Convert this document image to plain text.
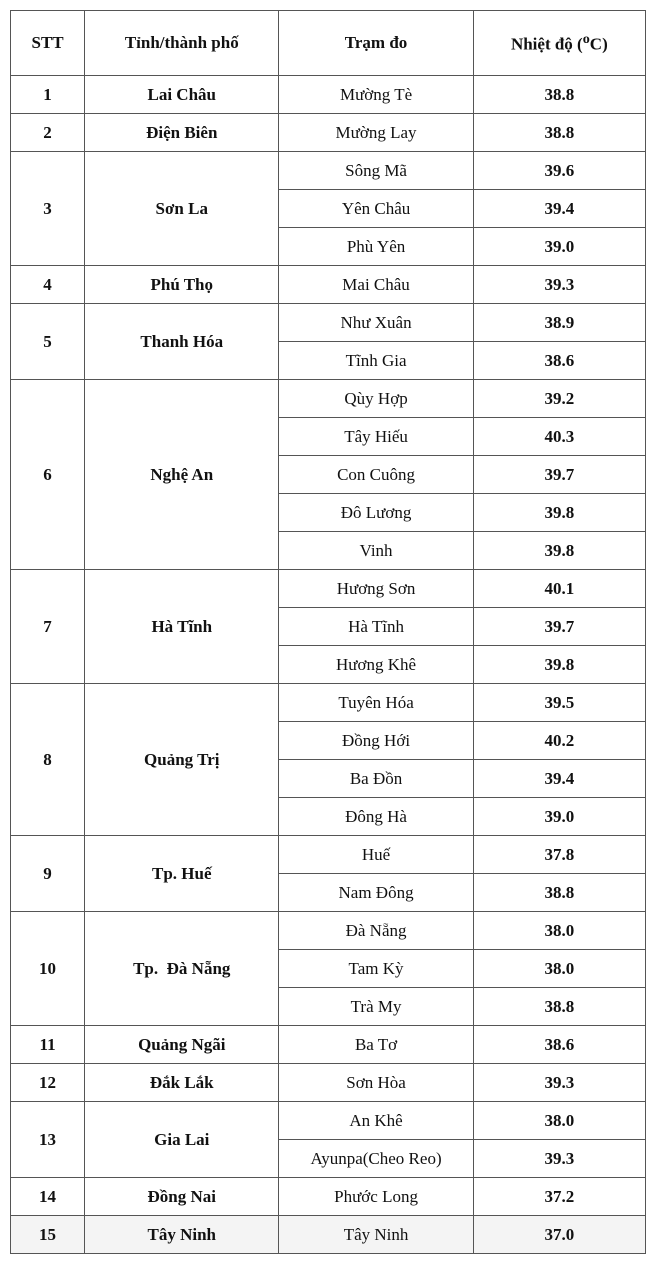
STT	Tỉnh/thành phố	Trạm đo	Nhiệt độ ($^o$C)
1	Lai Châu	Mường Tè	38.8
2	Điện Biên	Mường Lay	38.8
3	Sơn La	Sông Mã	39.6
		Yên Châu	39.4
		Phù Yên	39.0
4	Phú Thọ	Mai Châu	39.3
5	Thanh Hóa	Như Xuân	38.9
		Tĩnh Gia	38.6
6	Nghệ An	Qùy Hợp	39.2
		Tây Hiếu	40.3
		Con Cuông	39.7
		Đô Lương	39.8
		Vinh	39.8
7	Hà Tĩnh	Hương Sơn	40.1
		Hà Tĩnh	39.7
		Hương Khê	39.8
8	Quảng Trị	Tuyên Hóa	39.5
		Đồng Hới	40.2
		Ba Đồn	39.4
		Đông Hà	39.0
9	Tp. Huế	Huế	37.8
		Nam Đông	38.8
10	Tp.  Đà Nẵng	Đà Nẵng	38.0
		Tam Kỳ	38.0
		Trà My	38.8
11	Quảng Ngãi	Ba Tơ	38.6
12	Đắk Lắk	Sơn Hòa	39.3
13	Gia Lai	An Khê	38.0
		Ayunpa(Cheo Reo)	39.3
14	Đồng Nai	Phước Long	37.2
15	Tây Ninh	Tây Ninh	37.0
